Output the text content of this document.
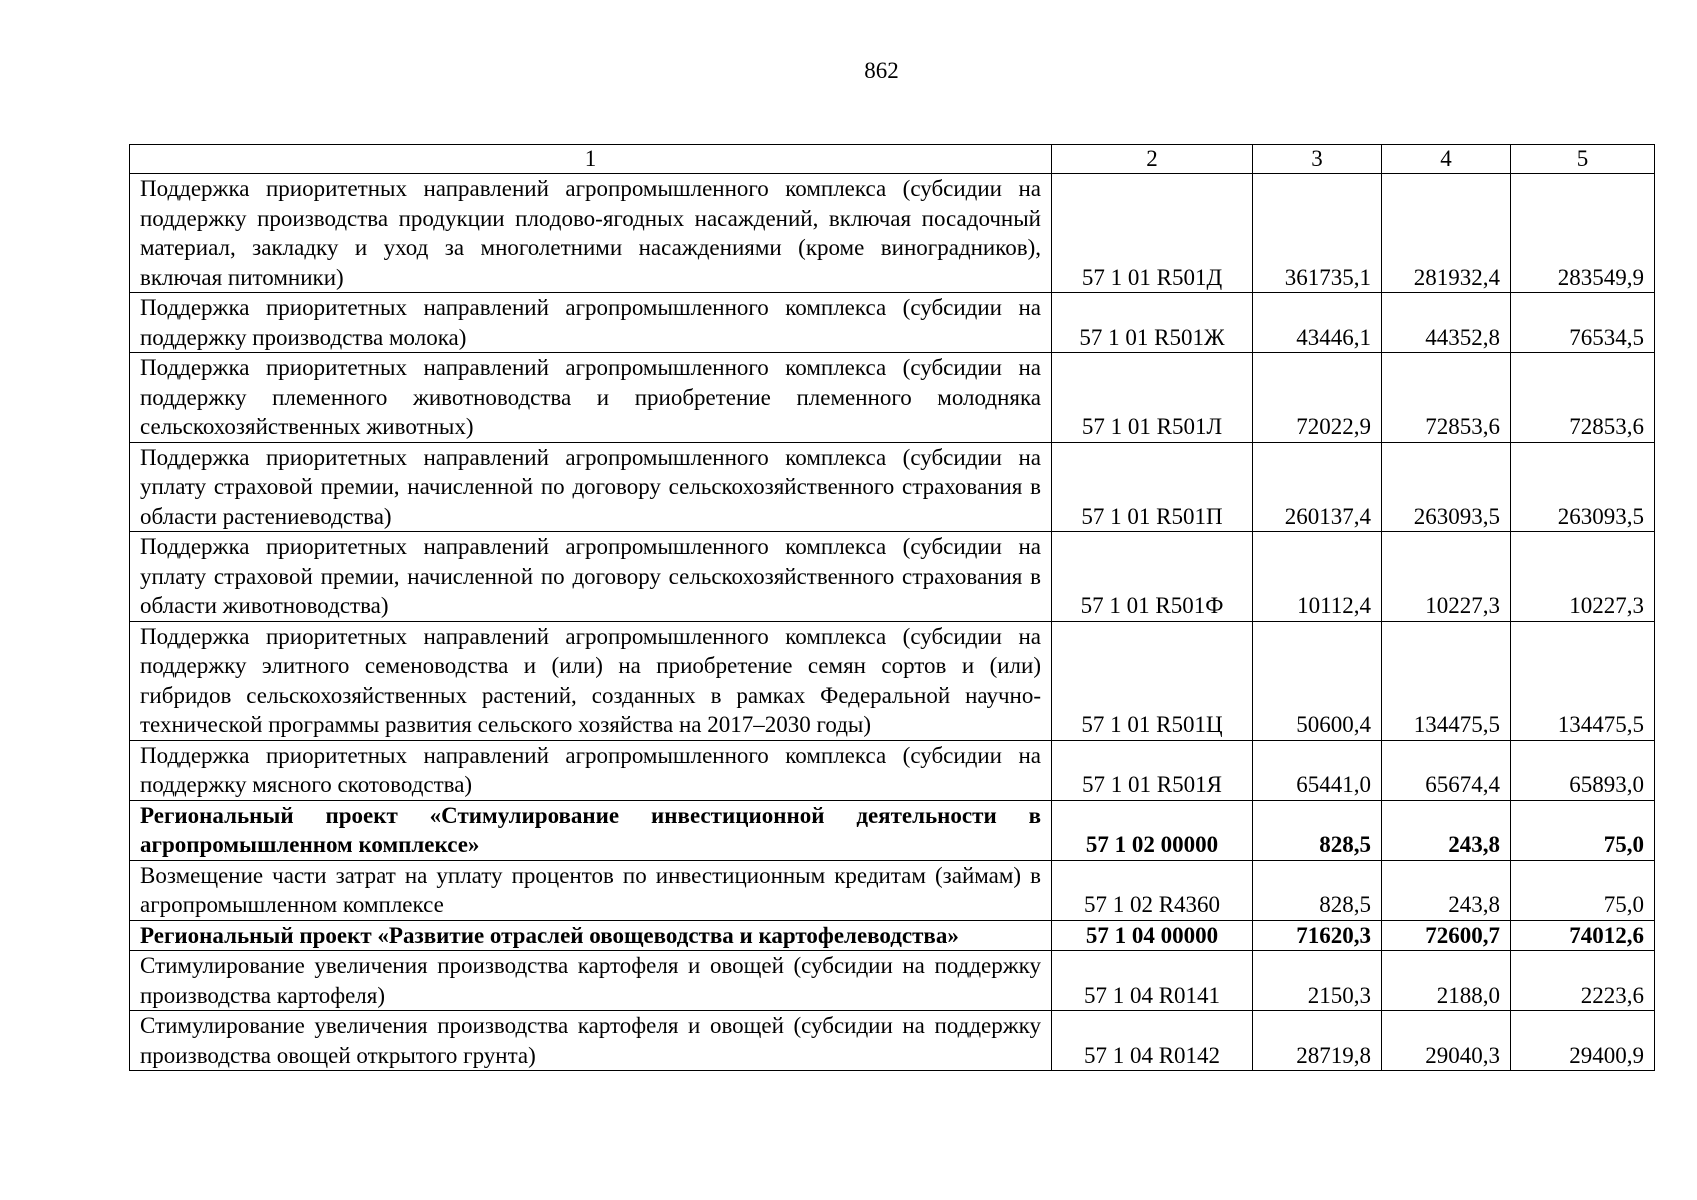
862
1	2	3	4	5
Поддержка приоритетных направлений агропромышленного комплекса (субсидии на поддержку производства продукции плодово-ягодных насаждений, включая посадочный материал, закладку и уход за многолетними насаждениями (кроме виноградников), включая питомники)	57 1 01 R501Д	361735,1	281932,4	283549,9
Поддержка приоритетных направлений агропромышленного комплекса (субсидии на поддержку производства молока)	57 1 01 R501Ж	43446,1	44352,8	76534,5
Поддержка приоритетных направлений агропромышленного комплекса (субсидии на поддержку племенного животноводства и приобретение племенного молодняка сельскохозяйственных животных)	57 1 01 R501Л	72022,9	72853,6	72853,6
Поддержка приоритетных направлений агропромышленного комплекса (субсидии на уплату страховой премии, начисленной по договору сельскохозяйственного страхования в области растениеводства)	57 1 01 R501П	260137,4	263093,5	263093,5
Поддержка приоритетных направлений агропромышленного комплекса (субсидии на уплату страховой премии, начисленной по договору сельскохозяйственного страхования в области животноводства)	57 1 01 R501Ф	10112,4	10227,3	10227,3
Поддержка приоритетных направлений агропромышленного комплекса (субсидии на поддержку элитного семеноводства и (или) на приобретение семян сортов и (или) гибридов сельскохозяйственных растений, созданных в рамках Федеральной научно-технической программы развития сельского хозяйства на 2017–2030 годы)	57 1 01 R501Ц	50600,4	134475,5	134475,5
Поддержка приоритетных направлений агропромышленного комплекса (субсидии на поддержку мясного скотоводства)	57 1 01 R501Я	65441,0	65674,4	65893,0
Региональный проект «Стимулирование инвестиционной деятельности в агропромышленном комплексе»	57 1 02 00000	828,5	243,8	75,0
Возмещение части затрат на уплату процентов по инвестиционным кредитам (займам) в агропромышленном комплексе	57 1 02 R4360	828,5	243,8	75,0
Региональный проект «Развитие отраслей овощеводства и картофелеводства»	57 1 04 00000	71620,3	72600,7	74012,6
Стимулирование увеличения производства картофеля и овощей (субсидии на поддержку производства картофеля)	57 1 04 R0141	2150,3	2188,0	2223,6
Стимулирование увеличения производства картофеля и овощей (субсидии на поддержку производства овощей открытого грунта)	57 1 04 R0142	28719,8	29040,3	29400,9
